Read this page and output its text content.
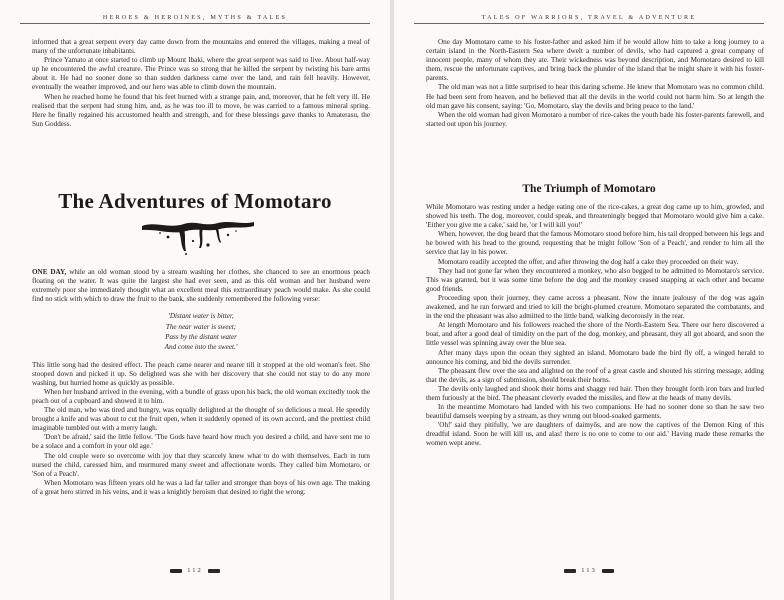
HEROES & HEROINES, MYTHS & TALES

informed that a great serpent every day came down from the mountains and entered the villages, making a meal of many of the unfortunate inhabitants.

Prince Yamato at once started to climb up Mount Ibaki, where the great serpent was said to live. About half-way up he encountered the awful creature. The Prince was so strong that he killed the serpent by twisting his bare arms about it. He had no sooner done so than sudden darkness came over the land, and rain fell heavily. However, eventually the weather improved, and our hero was able to climb down the mountain.

When he reached home he found that his feet burned with a strange pain, and, moreover, that he felt very ill. He realised that the serpent had stung him, and, as he was too ill to move, he was carried to a famous mineral spring. Here he finally regained his accustomed health and strength, and for these blessings gave thanks to Amaterasu, the Sun Goddess.

The Adventures of Momotaro

ONE DAY, while an old woman stood by a stream washing her clothes, she chanced to see an enormous peach floating on the water. It was quite the largest she had ever seen, and as this old woman and her husband were extremely poor she immediately thought what an excellent meal this extraordinary peach would make. As she could find no stick with which to draw the fruit to the bank, she suddenly remembered the following verse:

'Distant water is bitter,
The near water is sweet;
Pass by the distant water
And come into the sweet.'

This little song had the desired effect. The peach came nearer and nearer till it stopped at the old woman's feet. She stooped down and picked it up. So delighted was she with her discovery that she could not stay to do any more washing, but hurried home as quickly as possible.

When her husband arrived in the evening, with a bundle of grass upon his back, the old woman excitedly took the peach out of a cupboard and showed it to him.

The old man, who was tired and hungry, was equally delighted at the thought of so delicious a meal. He speedily brought a knife and was about to cut the fruit open, when it suddenly opened of its own accord, and the prettiest child imaginable tumbled out with a merry laugh.

'Don't be afraid,' said the little fellow. 'The Gods have heard how much you desired a child, and have sent me to be a solace and a comfort in your old age.'

The old couple were so overcome with joy that they scarcely knew what to do with themselves. Each in turn nursed the child, caressed him, and murmured many sweet and affectionate words. They called him Momotaro, or 'Son of a Peach'.

When Momotaro was fifteen years old he was a lad far taller and stronger than boys of his own age. The making of a great hero stirred in his veins, and it was a knightly heroism that desired to right the wrong.

112
TALES OF WARRIORS, TRAVEL & ADVENTURE

One day Momotaro came to his foster-father and asked him if he would allow him to take a long journey to a certain island in the North-Eastern Sea where dwelt a number of devils, who had captured a great company of innocent people, many of whom they ate. Their wickedness was beyond description, and Momotaro desired to kill them, rescue the unfortunate captives, and bring back the plunder of the island that he might share it with his foster-parents.

The old man was not a little surprised to hear this daring scheme. He knew that Momotaro was no common child. He had been sent from heaven, and he believed that all the devils in the world could not harm him. So at length the old man gave his consent, saying: 'Go, Momotaro, slay the devils and bring peace to the land.'

When the old woman had given Momotaro a number of rice-cakes the youth bade his foster-parents farewell, and started out upon his journey.

The Triumph of Momotaro

While Momotaro was resting under a hedge eating one of the rice-cakes, a great dog came up to him, growled, and showed his teeth. The dog, moreover, could speak, and threateningly begged that Momotaro would give him a cake. 'Either you give me a cake,' said he, 'or I will kill you!'

When, however, the dog heard that the famous Momotaro stood before him, his tail dropped between his legs and he bowed with his head to the ground, requesting that he might follow 'Son of a Peach', and render to him all the service that lay in his power.

Momotaro readily accepted the offer, and after throwing the dog half a cake they proceeded on their way.

They had not gone far when they encountered a monkey, who also begged to be admitted to Momotaro's service. This was granted, but it was some time before the dog and the monkey ceased snapping at each other and became good friends.

Proceeding upon their journey, they came across a pheasant. Now the innate jealousy of the dog was again awakened, and he ran forward and tried to kill the bright-plumed creature. Momotaro separated the combatants, and in the end the pheasant was also admitted to the little band, walking decorously in the rear.

At length Momotaro and his followers reached the shore of the North-Eastern Sea. There our hero discovered a boat, and after a good deal of timidity on the part of the dog, monkey, and pheasant, they all got aboard, and soon the little vessel was spinning away over the blue sea.

After many days upon the ocean they sighted an island. Momotaro bade the bird fly off, a winged herald to announce his coming, and bid the devils surrender.

The pheasant flew over the sea and alighted on the roof of a great castle and shouted his stirring message, adding that the devils, as a sign of submission, should break their horns.

The devils only laughed and shook their horns and shaggy red hair. Then they brought forth iron bars and hurled them furiously at the bird. The pheasant cleverly evaded the missiles, and flew at the heads of many devils.

In the meantime Momotaro had landed with his two companions. He had no sooner done so than he saw two beautiful damsels weeping by a stream, as they wrung out blood-soaked garments.

'Oh!' said they pitifully, 'we are daughters of daimyōs, and are now the captives of the Demon King of this dreadful island. Soon he will kill us, and alas! there is no one to come to our aid.' Having made these remarks the women wept anew.

113
